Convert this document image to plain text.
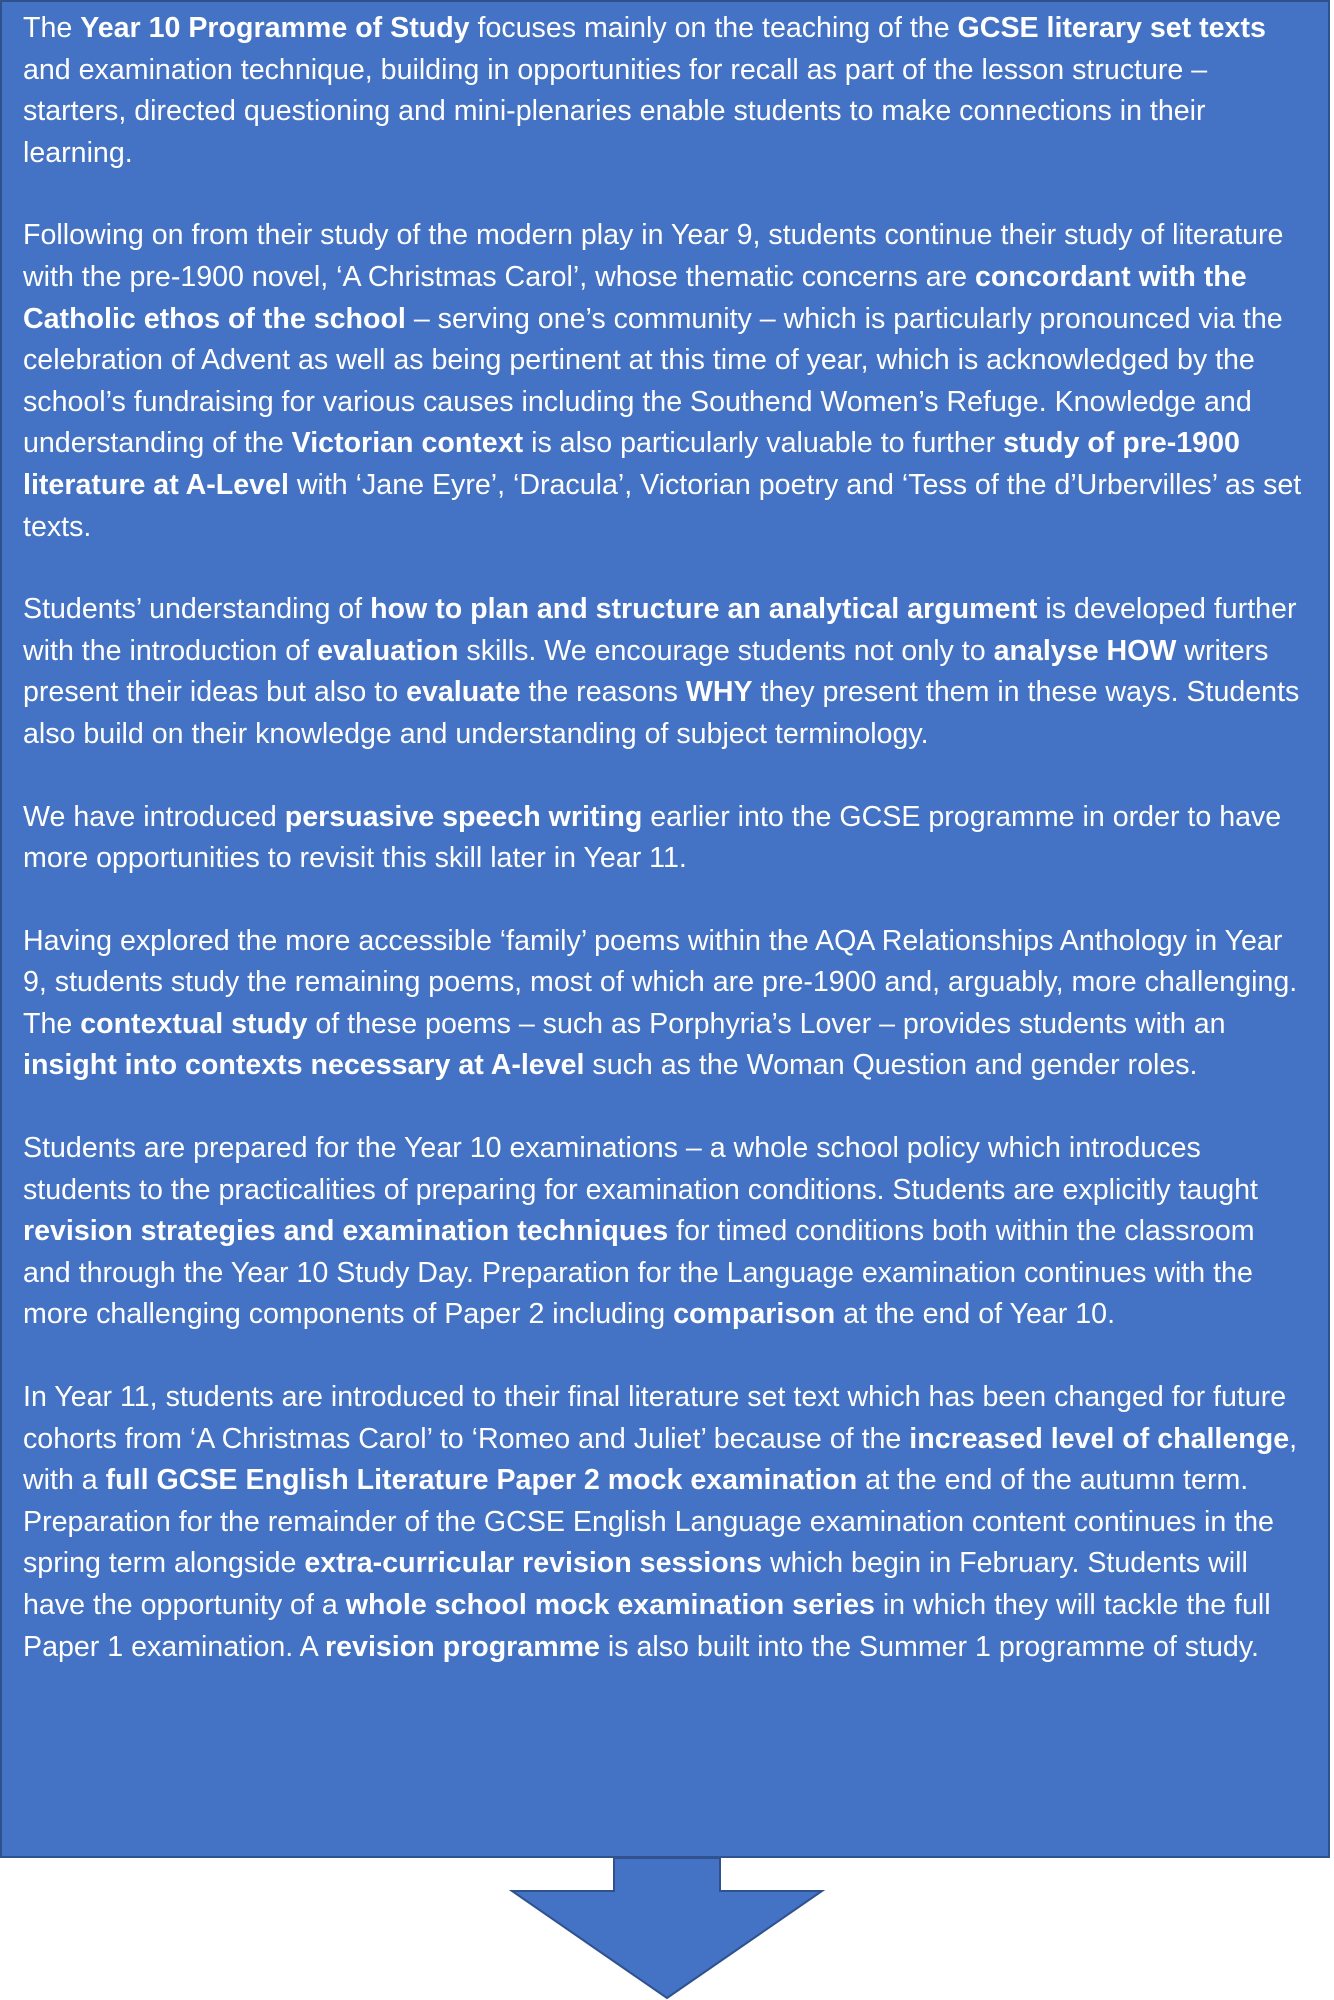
The Year 10 Programme of Study focuses mainly on the teaching of the GCSE literary set texts and examination technique, building in opportunities for recall as part of the lesson structure – starters, directed questioning and mini-plenaries enable students to make connections in their learning.

Following on from their study of the modern play in Year 9, students continue their study of literature with the pre-1900 novel, ‘A Christmas Carol’, whose thematic concerns are concordant with the Catholic ethos of the school – serving one’s community – which is particularly pronounced via the celebration of Advent as well as being pertinent at this time of year, which is acknowledged by the school’s fundraising for various causes including the Southend Women’s Refuge. Knowledge and understanding of the Victorian context is also particularly valuable to further study of pre-1900 literature at A-Level with ‘Jane Eyre’, ‘Dracula’, Victorian poetry and ‘Tess of the d’Urbervilles’ as set texts.

Students’ understanding of how to plan and structure an analytical argument is developed further with the introduction of evaluation skills. We encourage students not only to analyse HOW writers present their ideas but also to evaluate the reasons WHY they present them in these ways. Students also build on their knowledge and understanding of subject terminology.

We have introduced persuasive speech writing earlier into the GCSE programme in order to have more opportunities to revisit this skill later in Year 11.

Having explored the more accessible ‘family’ poems within the AQA Relationships Anthology in Year 9, students study the remaining poems, most of which are pre-1900 and, arguably, more challenging. The contextual study of these poems – such as Porphyria’s Lover – provides students with an insight into contexts necessary at A-level such as the Woman Question and gender roles.

Students are prepared for the Year 10 examinations – a whole school policy which introduces students to the practicalities of preparing for examination conditions. Students are explicitly taught revision strategies and examination techniques for timed conditions both within the classroom and through the Year 10 Study Day. Preparation for the Language examination continues with the more challenging components of Paper 2 including comparison at the end of Year 10.

In Year 11, students are introduced to their final literature set text which has been changed for future cohorts from ‘A Christmas Carol’ to ‘Romeo and Juliet’ because of the increased level of challenge, with a full GCSE English Literature Paper 2 mock examination at the end of the autumn term. Preparation for the remainder of the GCSE English Language examination content continues in the spring term alongside extra-curricular revision sessions which begin in February. Students will have the opportunity of a whole school mock examination series in which they will tackle the full Paper 1 examination. A revision programme is also built into the Summer 1 programme of study.
